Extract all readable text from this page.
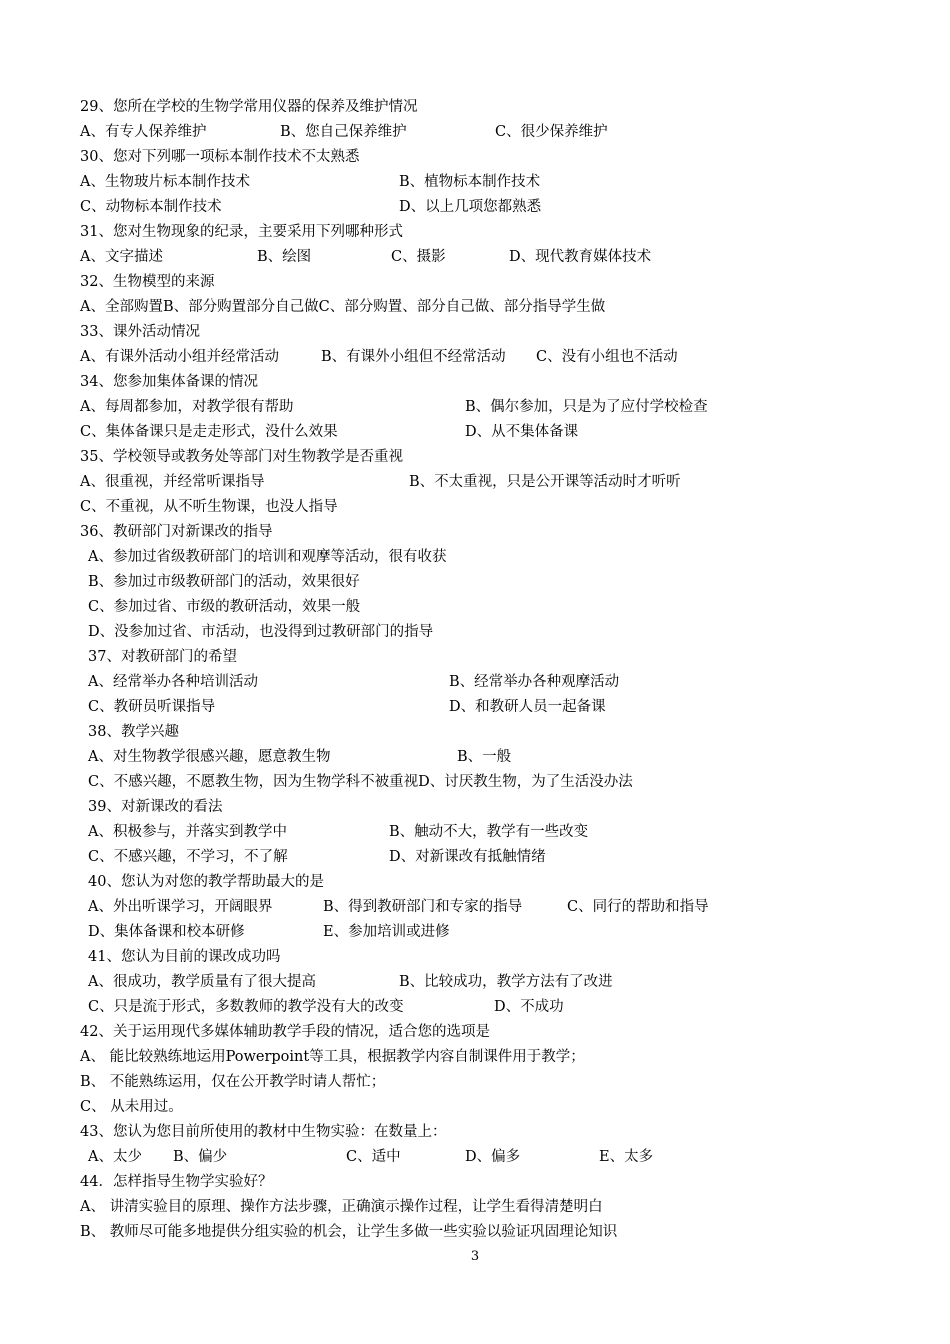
29、您所在学校的生物学常用仪器的保养及维护情况
A、有专人保养维护	B、您自己保养维护	C、很少保养维护
30、您对下列哪一项标本制作技术不太熟悉
A、生物玻片标本制作技术	B、植物标本制作技术
C、动物标本制作技术	D、以上几项您都熟悉
31、您对生物现象的纪录，主要采用下列哪种形式
A、文字描述	B、绘图	C、摄影	D、现代教育媒体技术
32、生物模型的来源
A、全部购置B、部分购置部分自己做C、部分购置、部分自己做、部分指导学生做
33、课外活动情况
A、有课外活动小组并经常活动	B、有课外小组但不经常活动	C、没有小组也不活动
34、您参加集体备课的情况
A、每周都参加，对教学很有帮助	B、偶尔参加，只是为了应付学校检查
C、集体备课只是走走形式，没什么效果	D、从不集体备课
35、学校领导或教务处等部门对生物教学是否重视
A、很重视，并经常听课指导	B、不太重视，只是公开课等活动时才听听
C、不重视，从不听生物课，也没人指导
36、教研部门对新课改的指导
A、参加过省级教研部门的培训和观摩等活动，很有收获
B、参加过市级教研部门的活动，效果很好
C、参加过省、市级的教研活动，效果一般
D、没参加过省、市活动，也没得到过教研部门的指导
37、对教研部门的希望
A、经常举办各种培训活动	B、经常举办各种观摩活动
C、教研员听课指导	D、和教研人员一起备课
38、教学兴趣
A、对生物教学很感兴趣，愿意教生物	B、一般
C、不感兴趣，不愿教生物，因为生物学科不被重视D、讨厌教生物，为了生活没办法
39、对新课改的看法
A、积极参与，并落实到教学中	B、触动不大，教学有一些改变
C、不感兴趣，不学习，不了解	D、对新课改有抵触情绪
40、您认为对您的教学帮助最大的是
A、外出听课学习，开阔眼界	B、得到教研部门和专家的指导	C、同行的帮助和指导
D、集体备课和校本研修	E、参加培训或进修
41、您认为目前的课改成功吗
A、很成功，教学质量有了很大提高	B、比较成功，教学方法有了改进
C、只是流于形式，多数教师的教学没有大的改变	D、不成功
42、关于运用现代多媒体辅助教学手段的情况，适合您的选项是
A、 能比较熟练地运用Powerpoint等工具，根据教学内容自制课件用于教学；
B、 不能熟练运用，仅在公开教学时请人帮忙；
C、 从未用过。
43、您认为您目前所使用的教材中生物实验：在数量上：
A、太少	B、偏少	C、适中	D、偏多	E、太多
44．怎样指导生物学实验好？
A、 讲清实验目的原理、操作方法步骤，正确演示操作过程，让学生看得清楚明白
B、 教师尽可能多地提供分组实验的机会，让学生多做一些实验以验证巩固理论知识
3
